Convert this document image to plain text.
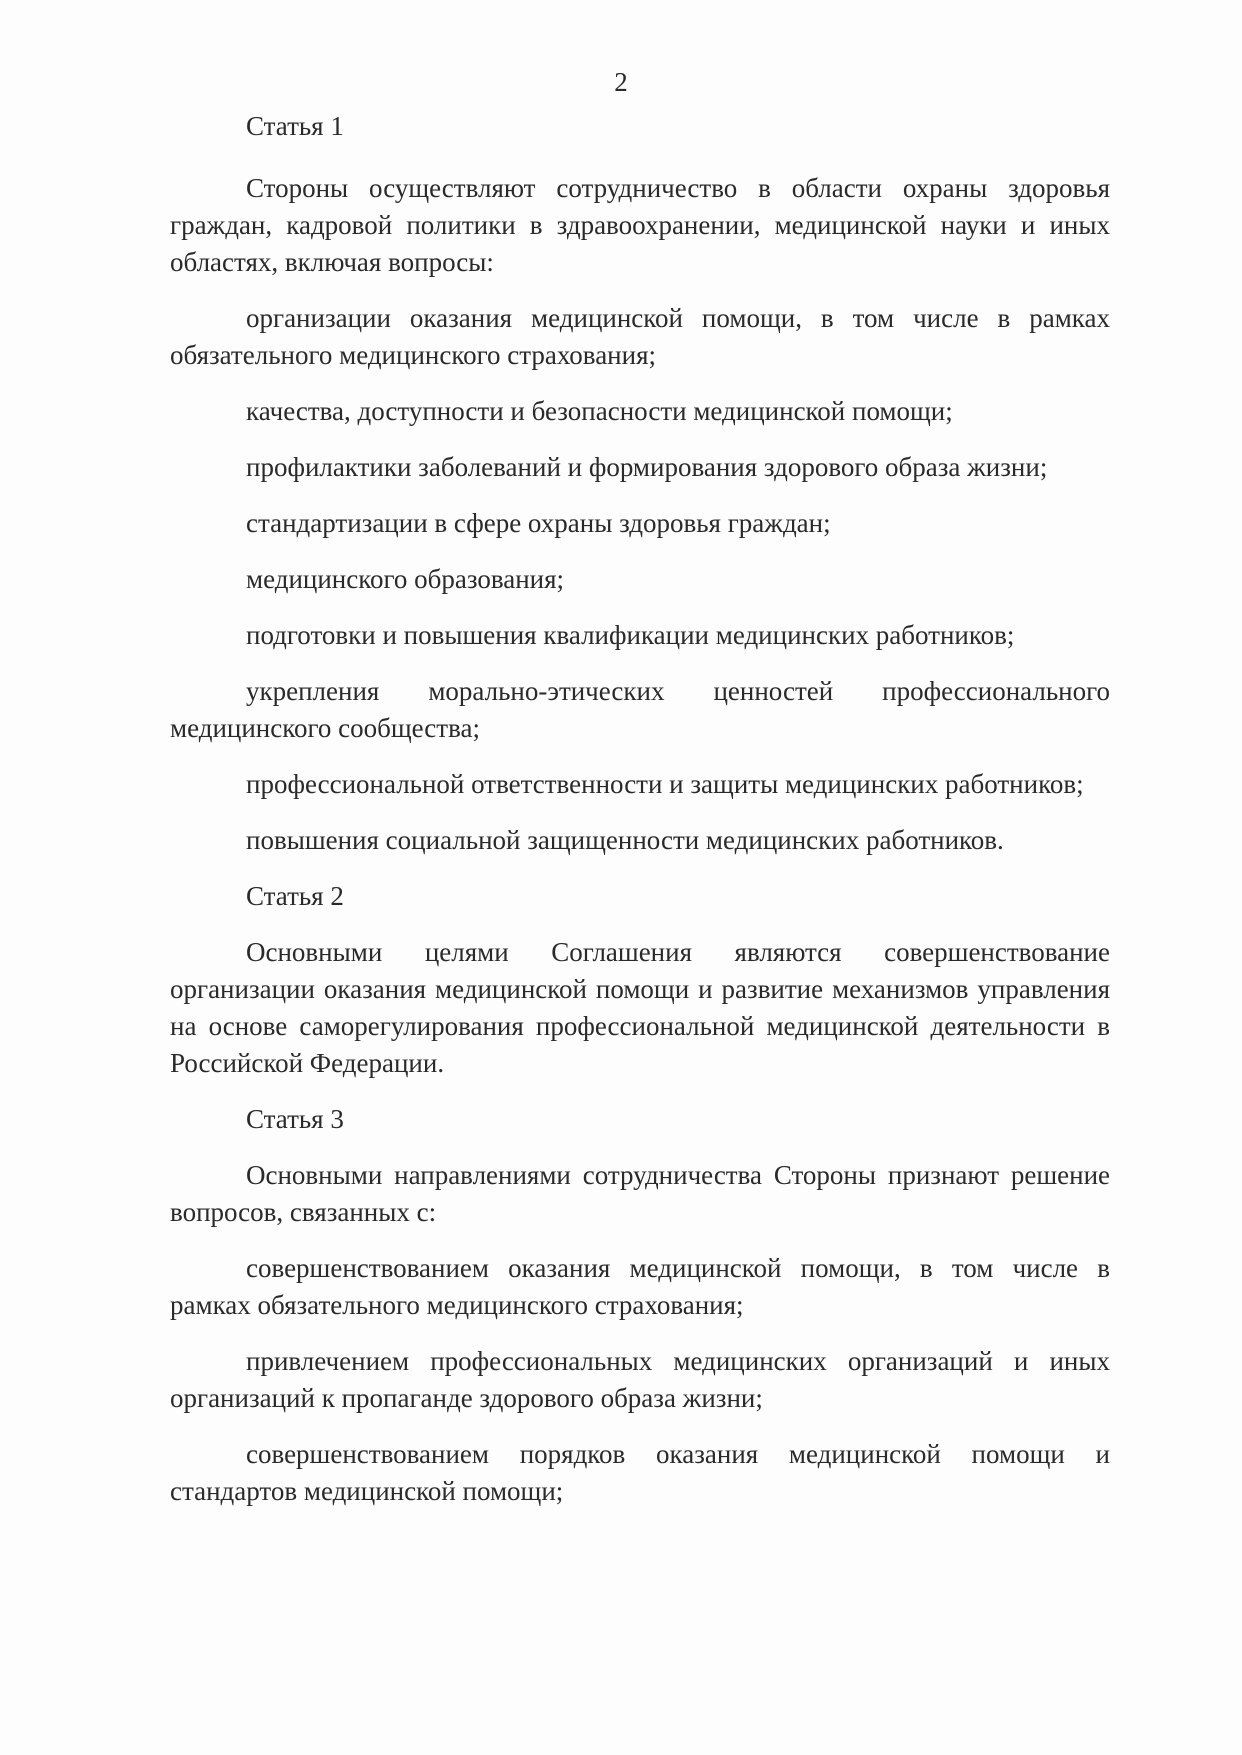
2

Статья 1

Стороны осуществляют сотрудничество в области охраны здоровья граждан, кадровой политики в здравоохранении, медицинской науки и иных областях, включая вопросы:

организации оказания медицинской помощи, в том числе в рамках обязательного медицинского страхования;

качества, доступности и безопасности медицинской помощи;

профилактики заболеваний и формирования здорового образа жизни;

стандартизации в сфере охраны здоровья граждан;

медицинского образования;

подготовки и повышения квалификации медицинских работников;

укрепления морально-этических ценностей профессионального медицинского сообщества;

профессиональной ответственности и защиты медицинских работников;

повышения социальной защищенности медицинских работников.

Статья 2

Основными целями Соглашения являются совершенствование организации оказания медицинской помощи и развитие механизмов управления на основе саморегулирования профессиональной медицинской деятельности в Российской Федерации.

Статья 3

Основными направлениями сотрудничества Стороны признают решение вопросов, связанных с:

совершенствованием оказания медицинской помощи, в том числе в рамках обязательного медицинского страхования;

привлечением профессиональных медицинских организаций и иных организаций к пропаганде здорового образа жизни;

совершенствованием порядков оказания медицинской помощи и стандартов медицинской помощи;
